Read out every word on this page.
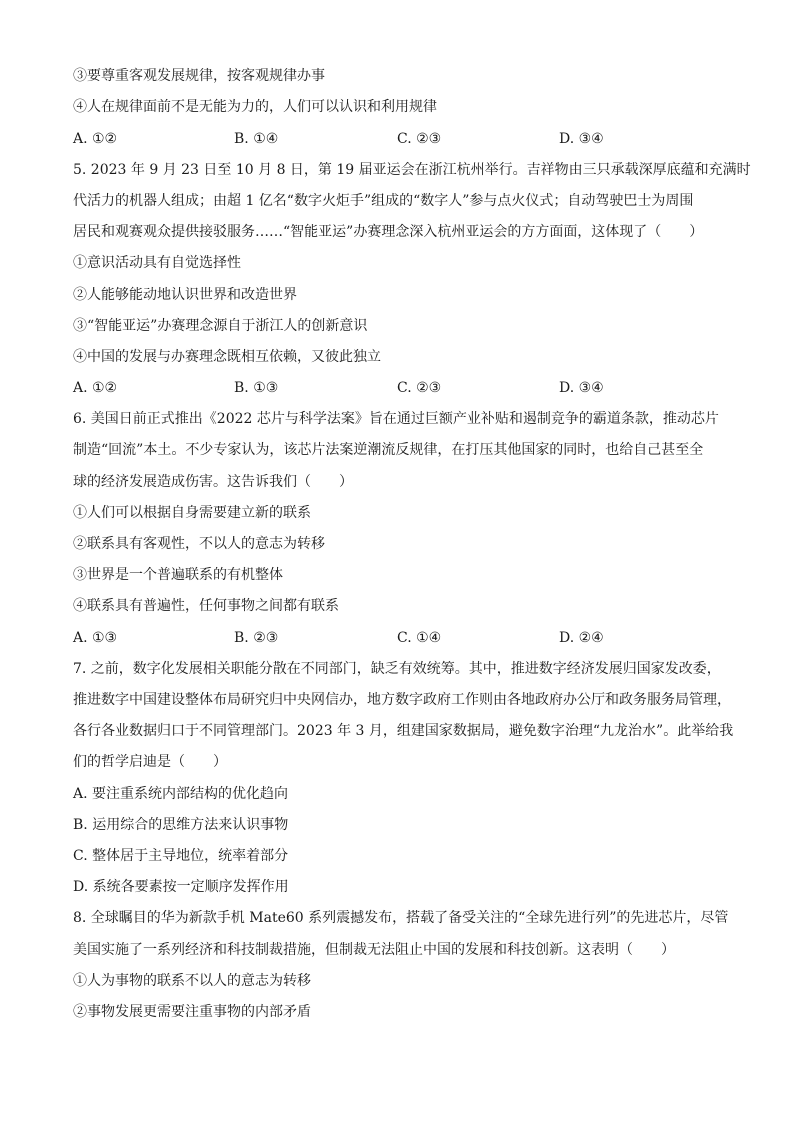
③要尊重客观发展规律，按客观规律办事
④人在规律面前不是无能为力的，人们可以认识和利用规律
A. ①②	B. ①④	C. ②③	D. ③④
5. 2023 年 9 月 23 日至 10 月 8 日，第 19 届亚运会在浙江杭州举行。吉祥物由三只承载深厚底蕴和充满时
代活力的机器人组成；由超 1 亿名“数字火炬手”组成的“数字人”参与点火仪式；自动驾驶巴士为周围
居民和观赛观众提供接驳服务……“智能亚运”办赛理念深入杭州亚运会的方方面面，这体现了（　　）
①意识活动具有自觉选择性
②人能够能动地认识世界和改造世界
③“智能亚运”办赛理念源自于浙江人的创新意识
④中国的发展与办赛理念既相互依赖，又彼此独立
A. ①②	B. ①③	C. ②③	D. ③④
6. 美国日前正式推出《2022 芯片与科学法案》旨在通过巨额产业补贴和遏制竞争的霸道条款，推动芯片
制造“回流”本土。不少专家认为，该芯片法案逆潮流反规律，在打压其他国家的同时，也给自己甚至全
球的经济发展造成伤害。这告诉我们（　　）
①人们可以根据自身需要建立新的联系
②联系具有客观性，不以人的意志为转移
③世界是一个普遍联系的有机整体
④联系具有普遍性，任何事物之间都有联系
A. ①③	B. ②③	C. ①④	D. ②④
7. 之前，数字化发展相关职能分散在不同部门，缺乏有效统筹。其中，推进数字经济发展归国家发改委，
推进数字中国建设整体布局研究归中央网信办，地方数字政府工作则由各地政府办公厅和政务服务局管理，
各行各业数据归口于不同管理部门。2023 年 3 月，组建国家数据局，避免数字治理“九龙治水”。此举给我
们的哲学启迪是（　　）
A. 要注重系统内部结构的优化趋向
B. 运用综合的思维方法来认识事物
C. 整体居于主导地位，统率着部分
D. 系统各要素按一定顺序发挥作用
8. 全球瞩目的华为新款手机 Mate60 系列震撼发布，搭载了备受关注的“全球先进行列”的先进芯片，尽管
美国实施了一系列经济和科技制裁措施，但制裁无法阻止中国的发展和科技创新。这表明（　　）
①人为事物的联系不以人的意志为转移
②事物发展更需要注重事物的内部矛盾
